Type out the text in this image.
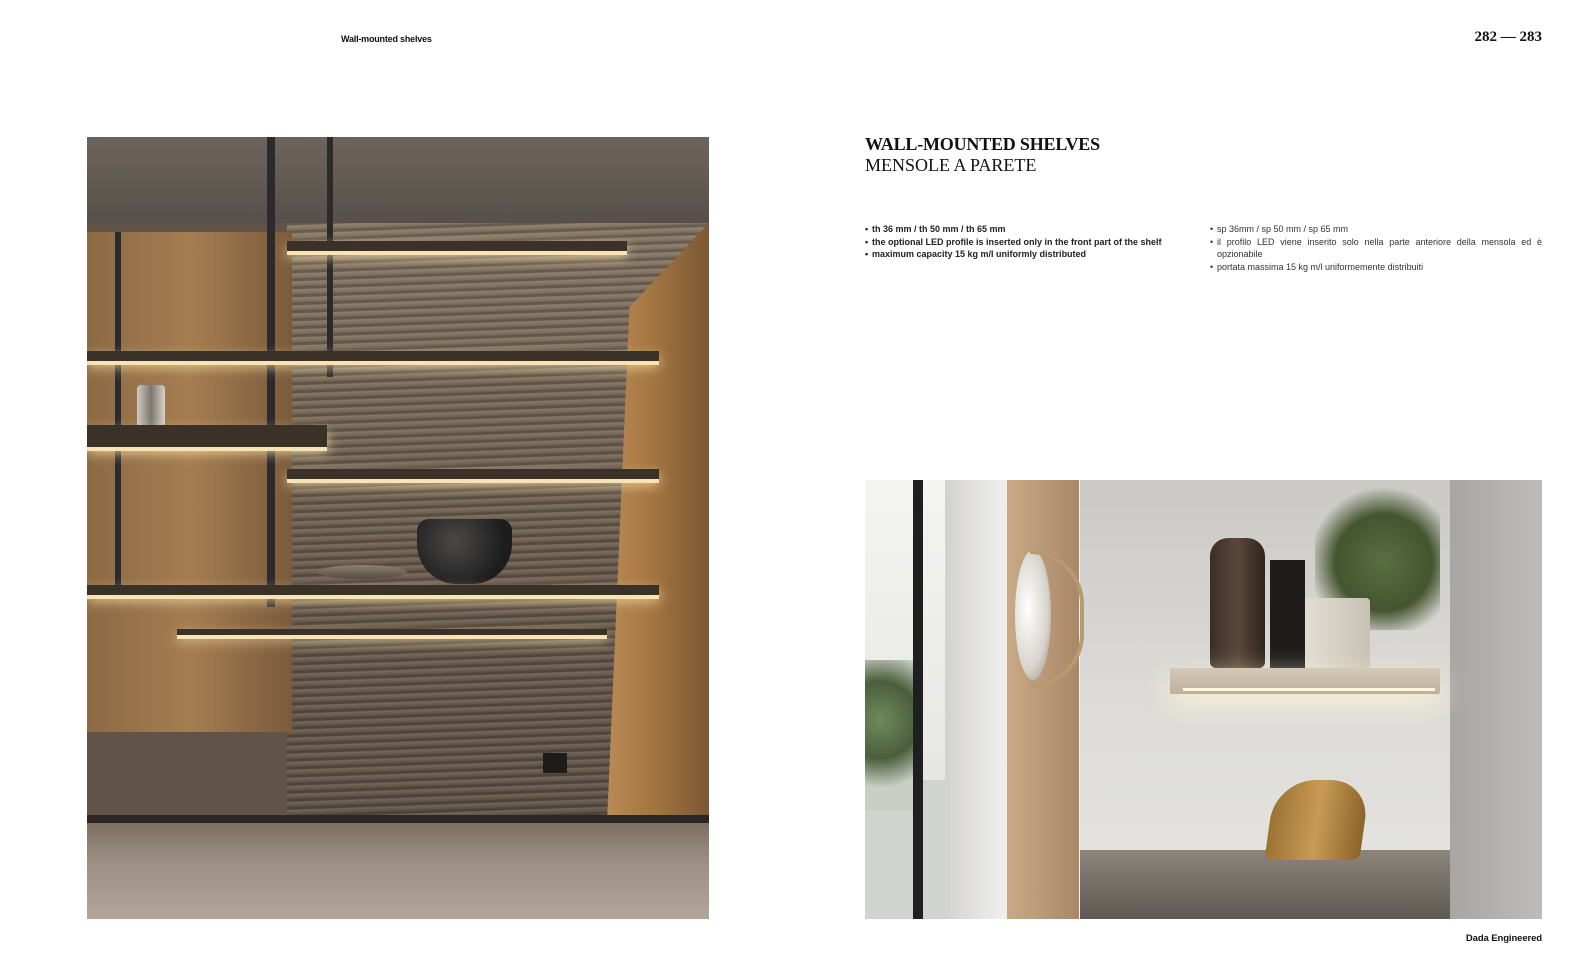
Wall-mounted shelves	282 — 283
WALL-MOUNTED SHELVES
MENSOLE A PARETE
• th 36 mm / th 50 mm / th 65 mm
• the optional LED profile is inserted only in the front part of the shelf
• maximum capacity 15 kg m/l uniformly distributed
• sp 36mm / sp 50 mm / sp 65 mm
• il profilo LED viene inserito solo nella parte anteriore della mensola ed è opzionabile
• portata massima 15 kg m/l uniformemente distribuiti
Dada Engineered
